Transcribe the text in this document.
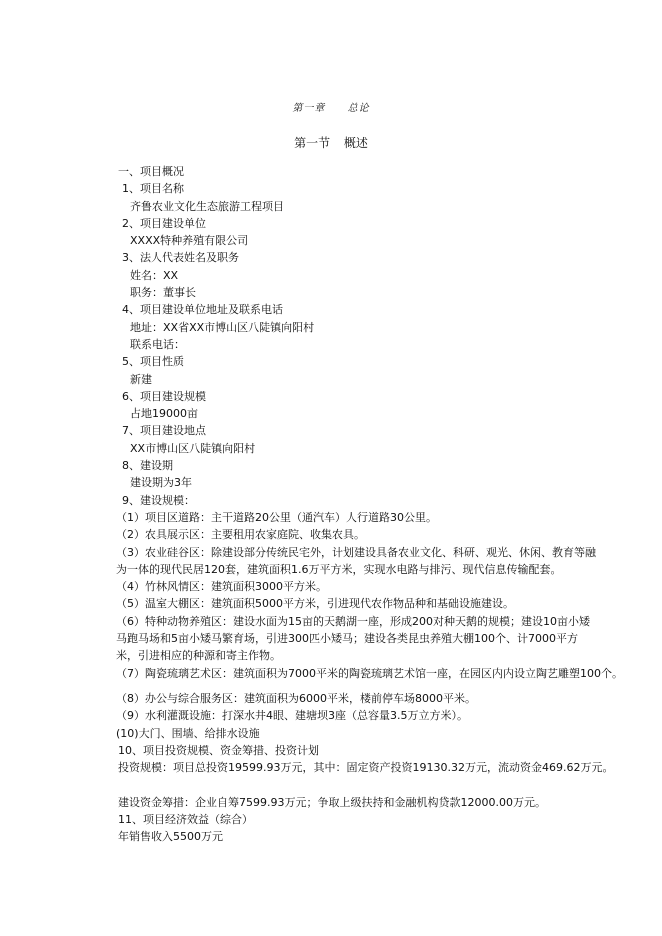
第一章 总论
第一节 概述
一、项目概况
1、项目名称
齐鲁农业文化生态旅游工程项目
2、项目建设单位
XXXX特种养殖有限公司
3、法人代表姓名及职务
姓名：XX
职务：董事长
4、项目建设单位地址及联系电话
地址：XX省XX市博山区八陡镇向阳村
联系电话：
5、项目性质
新建
6、项目建设规模
占地19000亩
7、项目建设地点
XX市博山区八陡镇向阳村
8、建设期
建设期为3年
9、建设规模：
（1）项目区道路：主干道路20公里（通汽车）人行道路30公里。
（2）农具展示区：主要租用农家庭院、收集农具。
（3）农业硅谷区：除建设部分传统民宅外，计划建设具备农业文化、科研、观光、休闲、教育等融为一体的现代民居120套，建筑面积1.6万平方米，实现水电路与排污、现代信息传输配套。
（4）竹林风情区：建筑面积3000平方米。
（5）温室大棚区：建筑面积5000平方米，引进现代农作物品种和基础设施建设。
（6）特种动物养殖区：建设水面为15亩的天鹅湖一座，形成200对种天鹅的规模；建设10亩小矮马跑马场和5亩小矮马繁育场，引进300匹小矮马；建设各类昆虫养殖大棚100个、计7000平方米，引进相应的种源和寄主作物。
（7）陶瓷琉璃艺术区：建筑面积为7000平米的陶瓷琉璃艺术馆一座，在园区内内设立陶艺雕塑100个。
（8）办公与综合服务区：建筑面积为6000平米，楼前停车场8000平米。
（9）水利灌溉设施：打深水井4眼、建塘坝3座（总容量3.5万立方米）。
(10)大门、围墙、给排水设施
10、项目投资规模、资金筹措、投资计划
投资规模：项目总投资19599.93万元，其中：固定资产投资19130.32万元，流动资金469.62万元。
建设资金筹措：企业自筹7599.93万元；争取上级扶持和金融机构贷款12000.00万元。
11、项目经济效益（综合）
年销售收入5500万元
